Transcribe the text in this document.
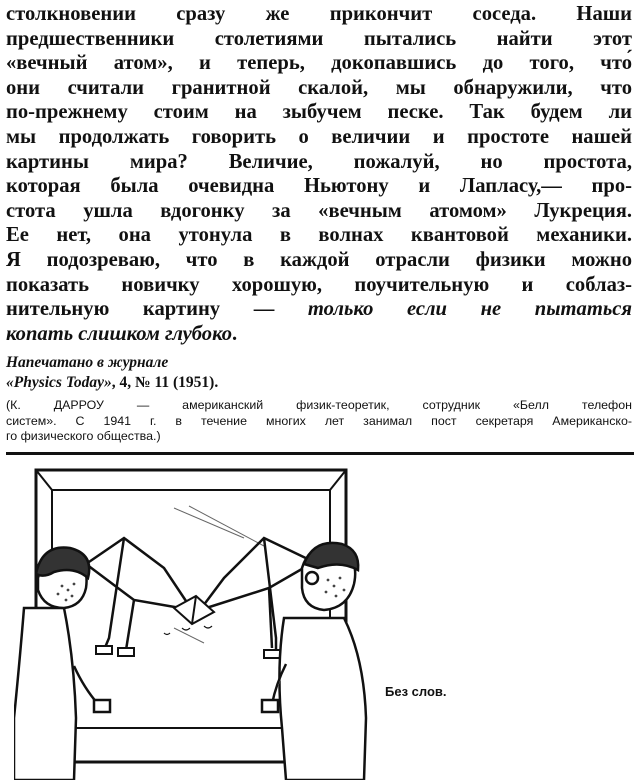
столкновении сразу же прикончит соседа. Наши
предшественники столетиями пытались найти этот
«вечный атом», и теперь, докопавшись до того, что́
они считали гранитной скалой, мы обнаружили, что
по-прежнему стоим на зыбучем песке. Так будем ли
мы продолжать говорить о величии и простоте нашей
картины мира? Величие, пожалуй, но простота,
которая была очевидна Ньютону и Лапласу,— про-
стота ушла вдогонку за «вечным атомом» Лукреция.
Ее нет, она утонула в волнах квантовой механики.
Я подозреваю, что в каждой отрасли физики можно
показать новичку хорошую, поучительную и соблаз-
нительную картину — только если не пытаться
копать слишком глубоко.
Напечатано в журнале
«Physics Today», 4, № 11 (1951).
(К. ДАРРОУ — американский физик-теоретик, сотрудник «Белл телефон
систем». С 1941 г. в течение многих лет занимал пост секретаря Американско-
го физического общества.)
Без слов.
